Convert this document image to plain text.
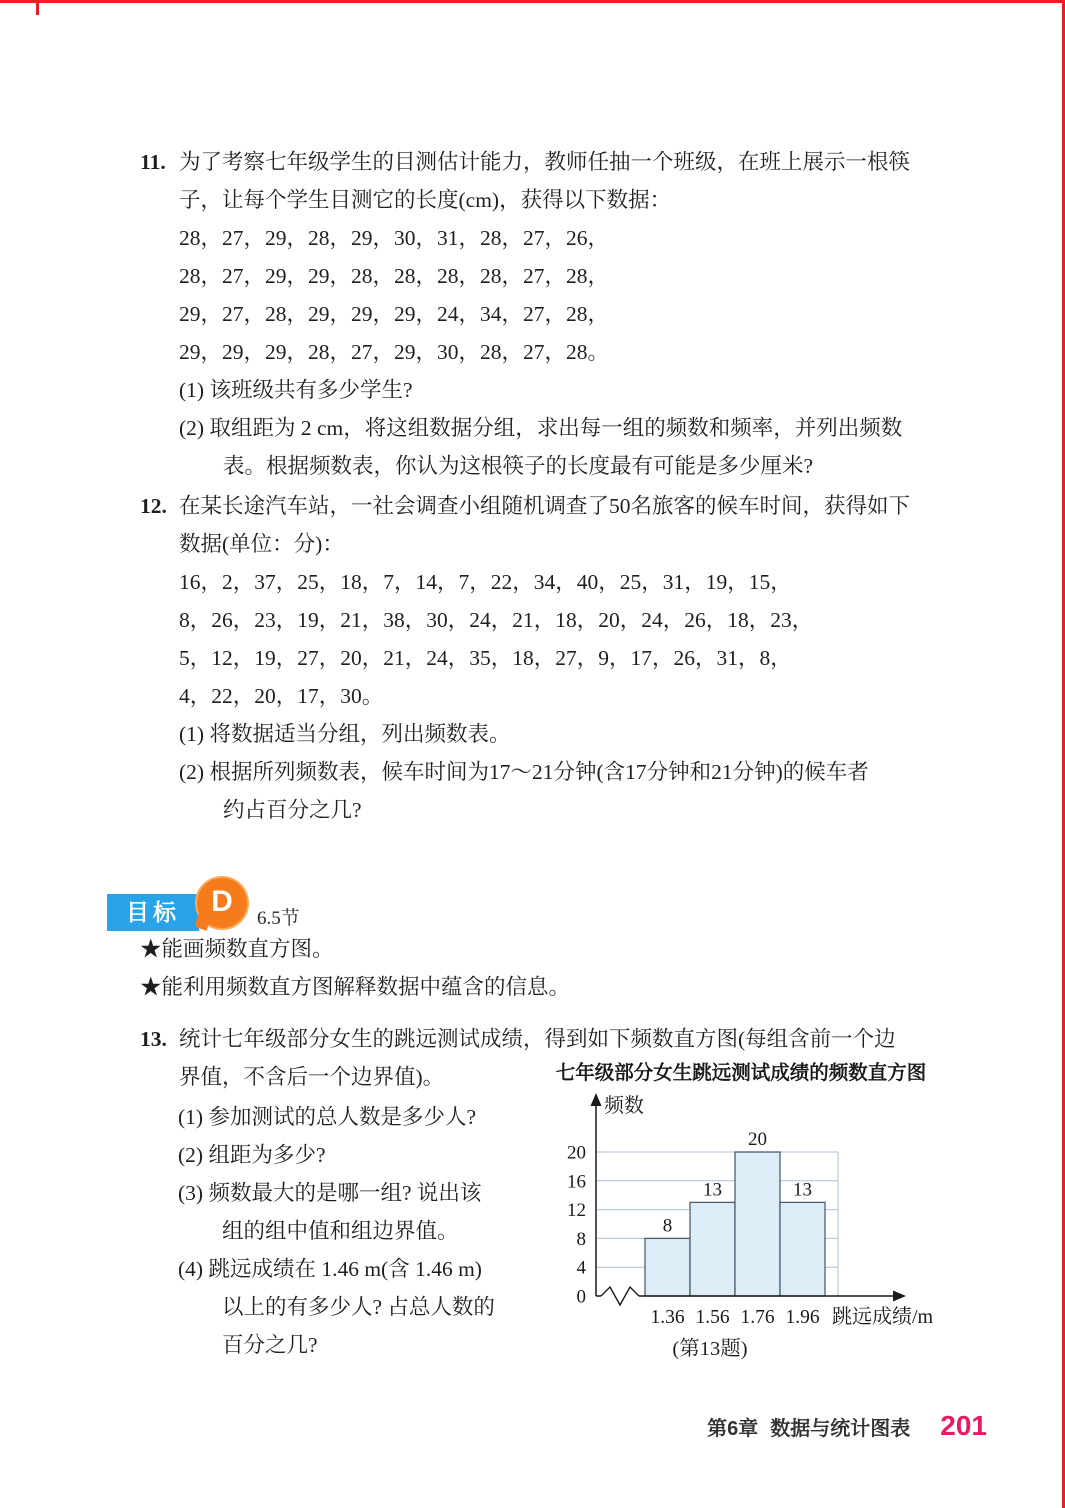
11. 为了考察七年级学生的目测估计能力，教师任抽一个班级，在班上展示一根筷
子，让每个学生目测它的长度(cm)，获得以下数据：
28，27，29，28，29，30，31，28，27，26，
28，27，29，29，28，28，28，28，27，28，
29，27，28，29，29，29，24，34，27，28，
29，29，29，28，27，29，30，28，27，28。
(1) 该班级共有多少学生?
(2) 取组距为 2 cm，将这组数据分组，求出每一组的频数和频率，并列出频数
表。根据频数表，你认为这根筷子的长度最有可能是多少厘米?
12. 在某长途汽车站，一社会调查小组随机调查了50名旅客的候车时间，获得如下
数据(单位：分)：
16，2，37，25，18，7，14，7，22，34，40，25，31，19，15，
8，26，23，19，21，38，30，24，21，18，20，24，26，18，23，
5，12，19，27，20，21，24，35，18，27，9，17，26，31，8，
4，22，20，17，30。
(1) 将数据适当分组，列出频数表。
(2) 根据所列频数表，候车时间为17～21分钟(含17分钟和21分钟)的候车者
约占百分之几?
目标	D
6.5节
★能画频数直方图。
★能利用频数直方图解释数据中蕴含的信息。
13. 统计七年级部分女生的跳远测试成绩，得到如下频数直方图(每组含前一个边
界值，不含后一个边界值)。
(1) 参加测试的总人数是多少人?
(2) 组距为多少?
(3) 频数最大的是哪一组? 说出该
组的组中值和组边界值。
(4) 跳远成绩在 1.46 m(含 1.46 m)
以上的有多少人? 占总人数的
百分之几?
七年级部分女生跳远测试成绩的频数直方图
8
13
20
13
0
4
8
12
16
20
1.36 1.56 1.76 1.96
频数
跳远成绩/m
(第13题)
第6章 数据与统计图表 201
